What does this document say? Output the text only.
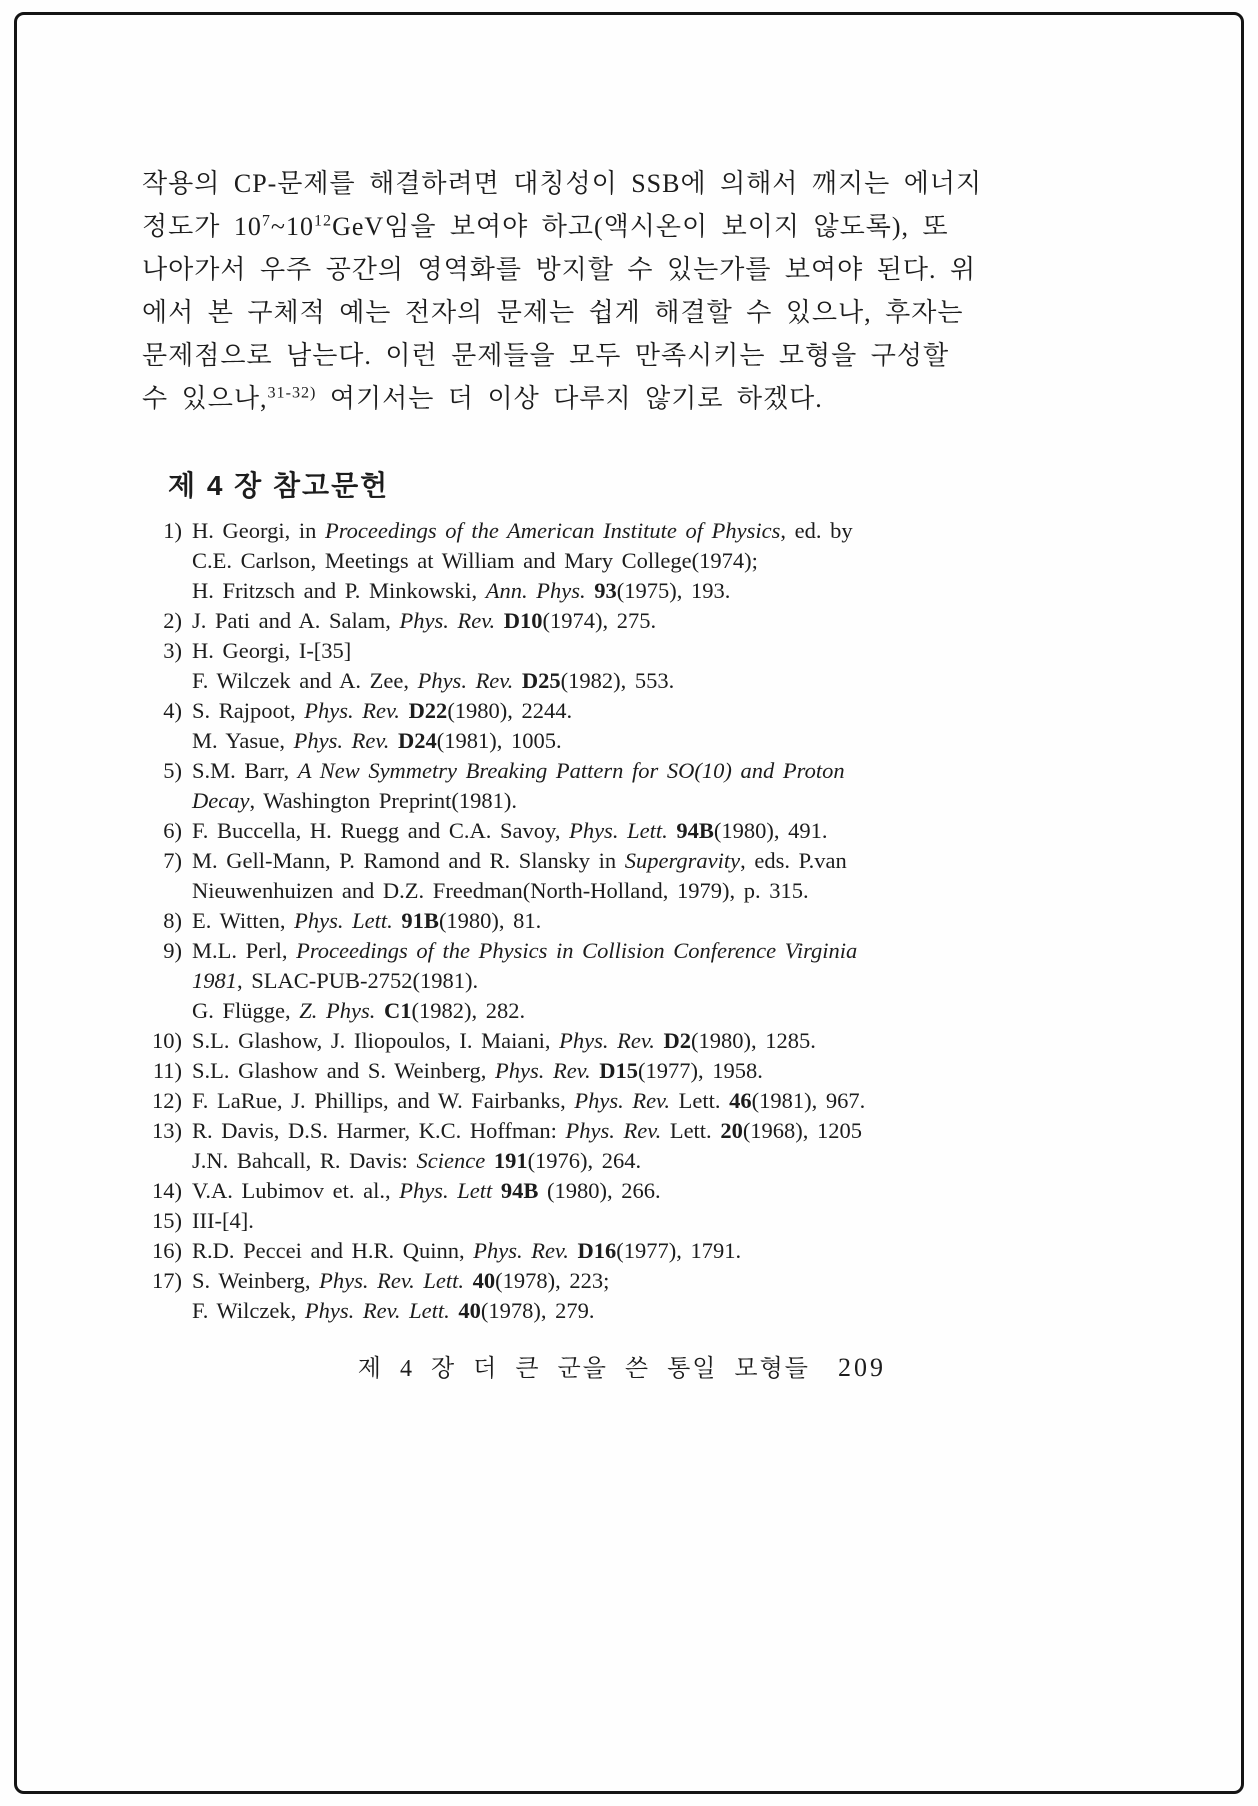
작용의 CP-문제를 해결하려면 대칭성이 SSB에 의해서 깨지는 에너지
정도가 $10^7\sim 10^{12}GeV$임을 보여야 하고(액시온이 보이지 않도록), 또
나아가서 우주 공간의 영역화를 방지할 수 있는가를 보여야 된다. 위
에서 본 구체적 예는 전자의 문제는 쉽게 해결할 수 있으나, 후자는
문제점으로 남는다. 이런 문제들을 모두 만족시키는 모형을 구성할
수 있으나,$^{31-32)}$ 여기서는 더 이상 다루지 않기로 하겠다.
제 4 장 참고문헌
1) H. Georgi, in Proceedings of the American Institute of Physics, ed. by
C.E. Carlson, Meetings at William and Mary College(1974);
H. Fritzsch and P. Minkowski, Ann. Phys. 93(1975), 193.
2) J. Pati and A. Salam, Phys. Rev. D10(1974), 275.
3) H. Georgi, I-[35]
F. Wilczek and A. Zee, Phys. Rev. D25(1982), 553.
4) S. Rajpoot, Phys. Rev. D22(1980), 2244.
M. Yasue, Phys. Rev. D24(1981), 1005.
5) S.M. Barr, A New Symmetry Breaking Pattern for SO(10) and Proton
Decay, Washington Preprint(1981).
6) F. Buccella, H. Ruegg and C.A. Savoy, Phys. Lett. 94B(1980), 491.
7) M. Gell-Mann, P. Ramond and R. Slansky in Supergravity, eds. P.van
Nieuwenhuizen and D.Z. Freedman(North-Holland, 1979), p. 315.
8) E. Witten, Phys. Lett. 91B(1980), 81.
9) M.L. Perl, Proceedings of the Physics in Collision Conference Virginia
1981, SLAC-PUB-2752(1981).
G. Flügge, Z. Phys. C1(1982), 282.
10) S.L. Glashow, J. Iliopoulos, I. Maiani, Phys. Rev. D2(1980), 1285.
11) S.L. Glashow and S. Weinberg, Phys. Rev. D15(1977), 1958.
12) F. LaRue, J. Phillips, and W. Fairbanks, Phys. Rev. Lett. 46(1981), 967.
13) R. Davis, D.S. Harmer, K.C. Hoffman: Phys. Rev. Lett. 20(1968), 1205
J.N. Bahcall, R. Davis: Science 191(1976), 264.
14) V.A. Lubimov et. al., Phys. Lett 94B (1980), 266.
15) III-[4].
16) R.D. Peccei and H.R. Quinn, Phys. Rev. D16(1977), 1791.
17) S. Weinberg, Phys. Rev. Lett. 40(1978), 223;
F. Wilczek, Phys. Rev. Lett. 40(1978), 279.
제 4 장 더 큰 군을 쓴 통일 모형들 209
